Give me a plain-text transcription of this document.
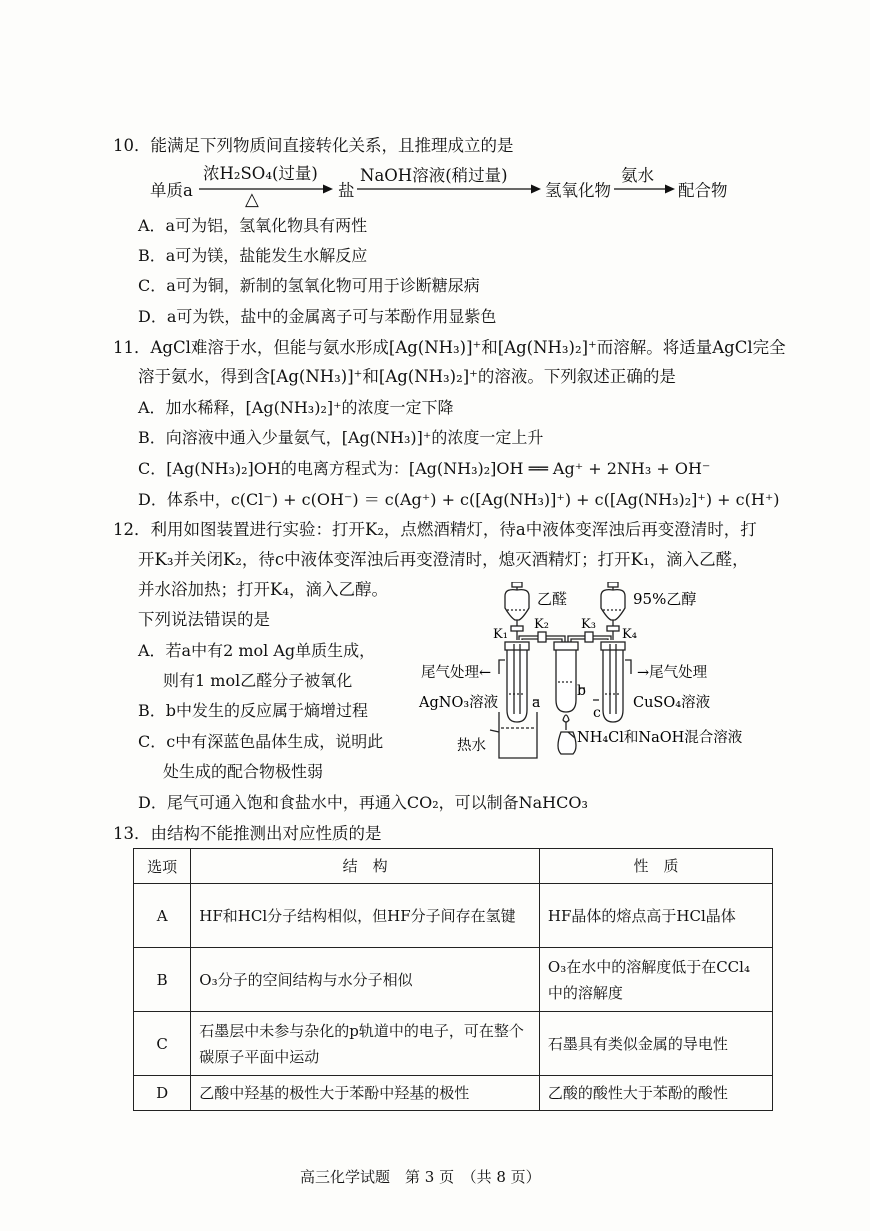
10．能满足下列物质间直接转化关系，且推理成立的是
单质a
浓H₂SO₄(过量)
△	盐
NaOH溶液(稍过量)
氢氧化物
氨水
配合物
A．a可为铝，氢氧化物具有两性
B．a可为镁，盐能发生水解反应
C．a可为铜，新制的氢氧化物可用于诊断糖尿病
D．a可为铁，盐中的金属离子可与苯酚作用显紫色
11．AgCl难溶于水，但能与氨水形成[Ag(NH₃)]⁺和[Ag(NH₃)₂]⁺而溶解。将适量AgCl完全
溶于氨水，得到含[Ag(NH₃)]⁺和[Ag(NH₃)₂]⁺的溶液。下列叙述正确的是
A．加水稀释，[Ag(NH₃)₂]⁺的浓度一定下降
B．向溶液中通入少量氨气，[Ag(NH₃)]⁺的浓度一定上升
C．[Ag(NH₃)₂]OH的电离方程式为：[Ag(NH₃)₂]OH ══ Ag⁺ + 2NH₃ + OH⁻
D．体系中，c(Cl⁻) + c(OH⁻) ＝ c(Ag⁺) + c([Ag(NH₃)]⁺) + c([Ag(NH₃)₂]⁺) + c(H⁺)
12．利用如图装置进行实验：打开K₂，点燃酒精灯，待a中液体变浑浊后再变澄清时，打
开K₃并关闭K₂，待c中液体变浑浊后再变澄清时，熄灭酒精灯；打开K₁，滴入乙醛，
并水浴加热；打开K₄，滴入乙醇。
下列说法错误的是
A．若a中有2 mol Ag单质生成，
则有1 mol乙醛分子被氧化
B．b中发生的反应属于熵增过程
C．c中有深蓝色晶体生成，说明此
处生成的配合物极性弱
D．尾气可通入饱和食盐水中，再通入CO₂，可以制备NaHCO₃
乙醛	95%乙醇
K₁
K₂ K₃
K₄
尾气处理←	→尾气处理
AgNO₃溶液	CuSO₄溶液
a
b
c
热水	NH₄Cl和NaOH混合溶液
13．由结构不能推测出对应性质的是
选项	结　构	性　质
A	HF和HCl分子结构相似，但HF分子间存在氢键	HF晶体的熔点高于HCl晶体
B	O₃分子的空间结构与水分子相似	O₃在水中的溶解度低于在CCl₄中的溶解度
C	石墨层中未参与杂化的p轨道中的电子，可在整个碳原子平面中运动	石墨具有类似金属的导电性
D	乙酸中羟基的极性大于苯酚中羟基的极性	乙酸的酸性大于苯酚的酸性
高三化学试题　第 3 页　（共 8 页）
